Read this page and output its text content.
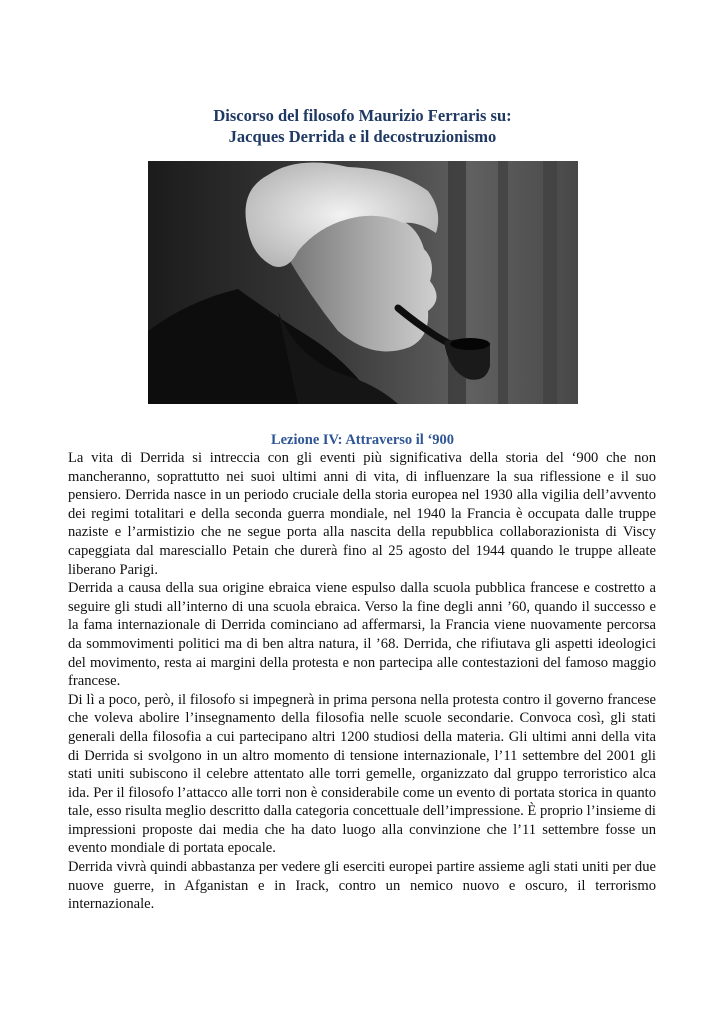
Discorso del filosofo Maurizio Ferraris su:
Jacques Derrida e il decostruzionismo
Lezione IV: Attraverso il ‘900

La vita di Derrida si intreccia con gli eventi più significativa della storia del ‘900 che non mancheranno, soprattutto nei suoi ultimi anni di vita, di influenzare la sua riflessione e il suo pensiero. Derrida nasce in un periodo cruciale della storia europea nel 1930 alla vigilia dell’avvento dei regimi totalitari e della seconda guerra mondiale, nel 1940 la Francia è occupata dalle truppe naziste e l’armistizio che ne segue porta alla nascita della repubblica collaborazionista di Viscy capeggiata dal maresciallo Petain che durerà fino al 25 agosto del 1944 quando le truppe alleate liberano Parigi.

Derrida a causa della sua origine ebraica viene espulso dalla scuola pubblica francese e costretto a seguire gli studi all’interno di una scuola ebraica. Verso la fine degli anni ’60, quando il successo e la fama internazionale di Derrida cominciano ad affermarsi, la Francia viene nuovamente percorsa da sommovimenti politici ma di ben altra natura, il ’68. Derrida, che rifiutava gli aspetti ideologici del movimento, resta ai margini della protesta e non partecipa alle contestazioni del famoso maggio francese.

Di lì a poco, però, il filosofo si impegnerà in prima persona nella protesta contro il governo francese che voleva abolire l’insegnamento della filosofia nelle scuole secondarie. Convoca così, gli stati generali della filosofia a cui partecipano altri 1200 studiosi della materia. Gli ultimi anni della vita di Derrida si svolgono in un altro momento di tensione internazionale, l’11 settembre del 2001 gli stati uniti subiscono il celebre attentato alle torri gemelle, organizzato dal gruppo terroristico alca ida. Per il filosofo l’attacco alle torri non è considerabile come un evento di portata storica in quanto tale, esso risulta meglio descritto dalla categoria concettuale dell’impressione. È proprio l’insieme di impressioni proposte dai media che ha dato luogo alla convinzione che l’11 settembre fosse un evento mondiale di portata epocale.

Derrida vivrà quindi abbastanza per vedere gli eserciti europei partire assieme agli stati uniti per due nuove guerre, in Afganistan e in Irack, contro un nemico nuovo e oscuro, il terrorismo internazionale.
